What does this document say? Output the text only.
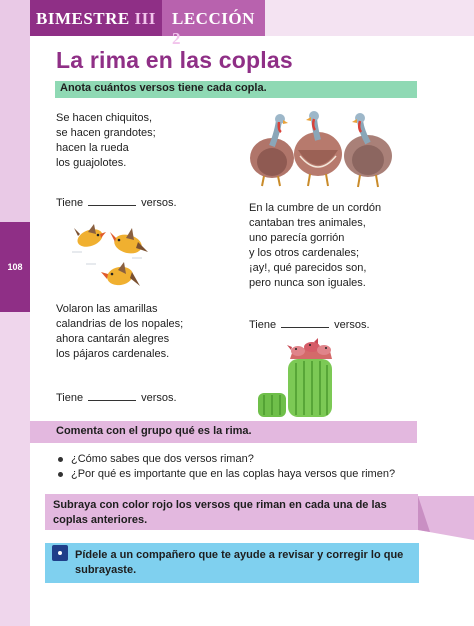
108
BIMESTRE III LECCIÓN 2
La rima en las coplas
Anota cuántos versos tiene cada copla.
Se hacen chiquitos,
se hacen grandotes;
hacen la rueda
los guajolotes.
Tiene	versos.
Volaron las amarillas
calandrias de los nopales;
ahora cantarán alegres
los pájaros cardenales.
Tiene	versos.
En la cumbre de un cordón
cantaban tres animales,
uno parecía gorrión
y los otros cardenales;
¡ay!, qué parecidos son,
pero nunca son iguales.
Tiene	versos.
Comenta con el grupo qué es la rima.
¿Cómo sabes que dos versos riman?
¿Por qué es importante que en las coplas haya versos que rimen?
Subraya con color rojo los versos que riman en cada una de las
coplas anteriores.
Pídele a un compañero que te ayude a revisar y corregir lo que
subrayaste.
